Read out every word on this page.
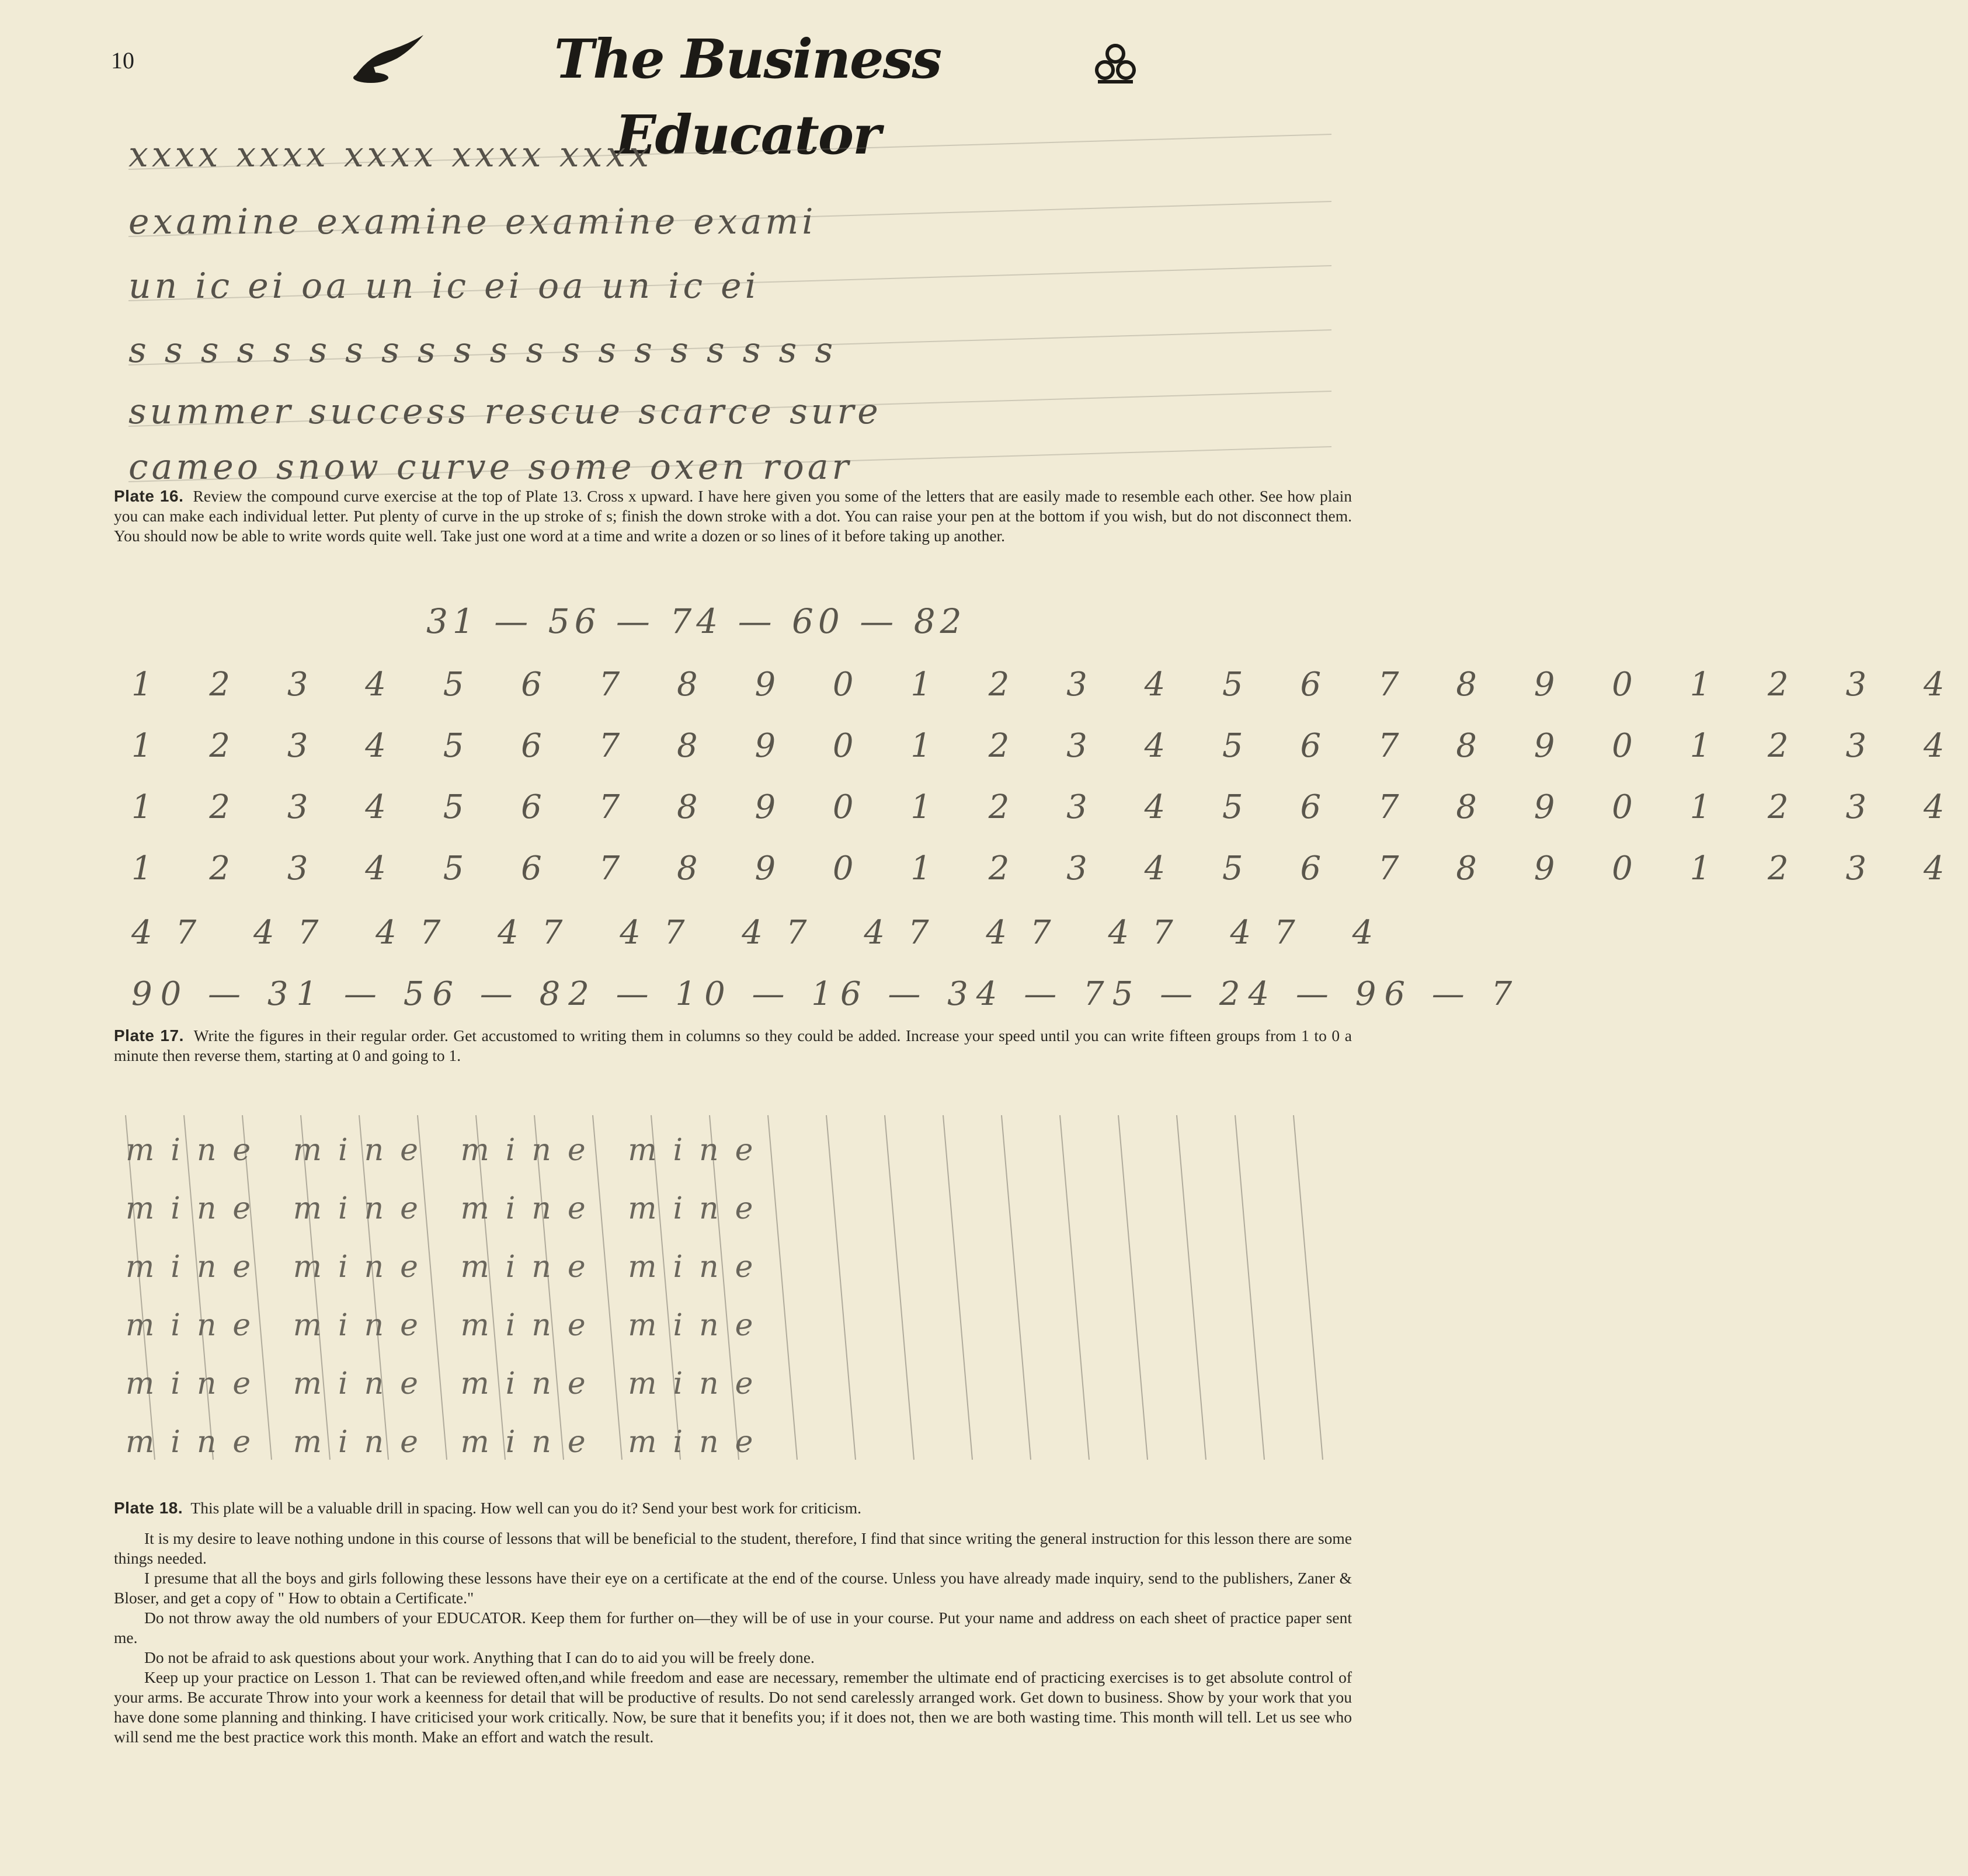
10	The Business Educator
xxxx xxxx xxxx xxxx xxxx
examine examine examine exami
un ic ei oa un ic ei oa un ic ei
s s s s s s s s s s s s s s s s s s s s
summer success rescue scarce sure
cameo snow curve some oxen roar
Plate 16. Review the compound curve exercise at the top of Plate 13. Cross x upward. I have here given you some of the letters that are easily made to resemble each other. See how plain you can make each individual letter. Put plenty of curve in the up stroke of s; finish the down stroke with a dot. You can raise your pen at the bottom if you wish, but do not disconnect them. You should now be able to write words quite well. Take just one word at a time and write a dozen or so lines of it before taking up another.
31 — 56 — 74 — 60 — 82
1 2 3 4 5 6 7 8 9 0 1 2 3 4 5 6 7 8 9 0 1 2 3 4
1 2 3 4 5 6 7 8 9 0 1 2 3 4 5 6 7 8 9 0 1 2 3 4
1 2 3 4 5 6 7 8 9 0 1 2 3 4 5 6 7 8 9 0 1 2 3 4
1 2 3 4 5 6 7 8 9 0 1 2 3 4 5 6 7 8 9 0 1 2 3 4
47 47 47 47 47 47 47 47 47 47 4
90 — 31 — 56 — 82 — 10 — 16 — 34 — 75 — 24 — 96 — 7
Plate 17. Write the figures in their regular order. Get accustomed to writing them in columns so they could be added. Increase your speed until you can write fifteen groups from 1 to 0 a minute then reverse them, starting at 0 and going to 1.
mine mine mine mine
mine mine mine mine
mine mine mine mine
mine mine mine mine
mine mine mine mine
mine mine mine mine
Plate 18. This plate will be a valuable drill in spacing. How well can you do it? Send your best work for criticism.
It is my desire to leave nothing undone in this course of lessons that will be beneficial to the student, therefore, I find that since writing the general instruction for this lesson there are some things needed.
I presume that all the boys and girls following these lessons have their eye on a certificate at the end of the course. Unless you have already made inquiry, send to the publishers, Zaner & Bloser, and get a copy of " How to obtain a Certificate."
Do not throw away the old numbers of your EDUCATOR. Keep them for further on—they will be of use in your course. Put your name and address on each sheet of practice paper sent me.
Do not be afraid to ask questions about your work. Anything that I can do to aid you will be freely done.
Keep up your practice on Lesson 1. That can be reviewed often,and while freedom and ease are necessary, remember the ultimate end of practicing exercises is to get absolute control of your arms. Be accurate Throw into your work a keenness for detail that will be productive of results. Do not send carelessly arranged work. Get down to business. Show by your work that you have done some planning and thinking. I have criticised your work critically. Now, be sure that it benefits you; if it does not, then we are both wasting time. This month will tell. Let us see who will send me the best practice work this month. Make an effort and watch the result.
